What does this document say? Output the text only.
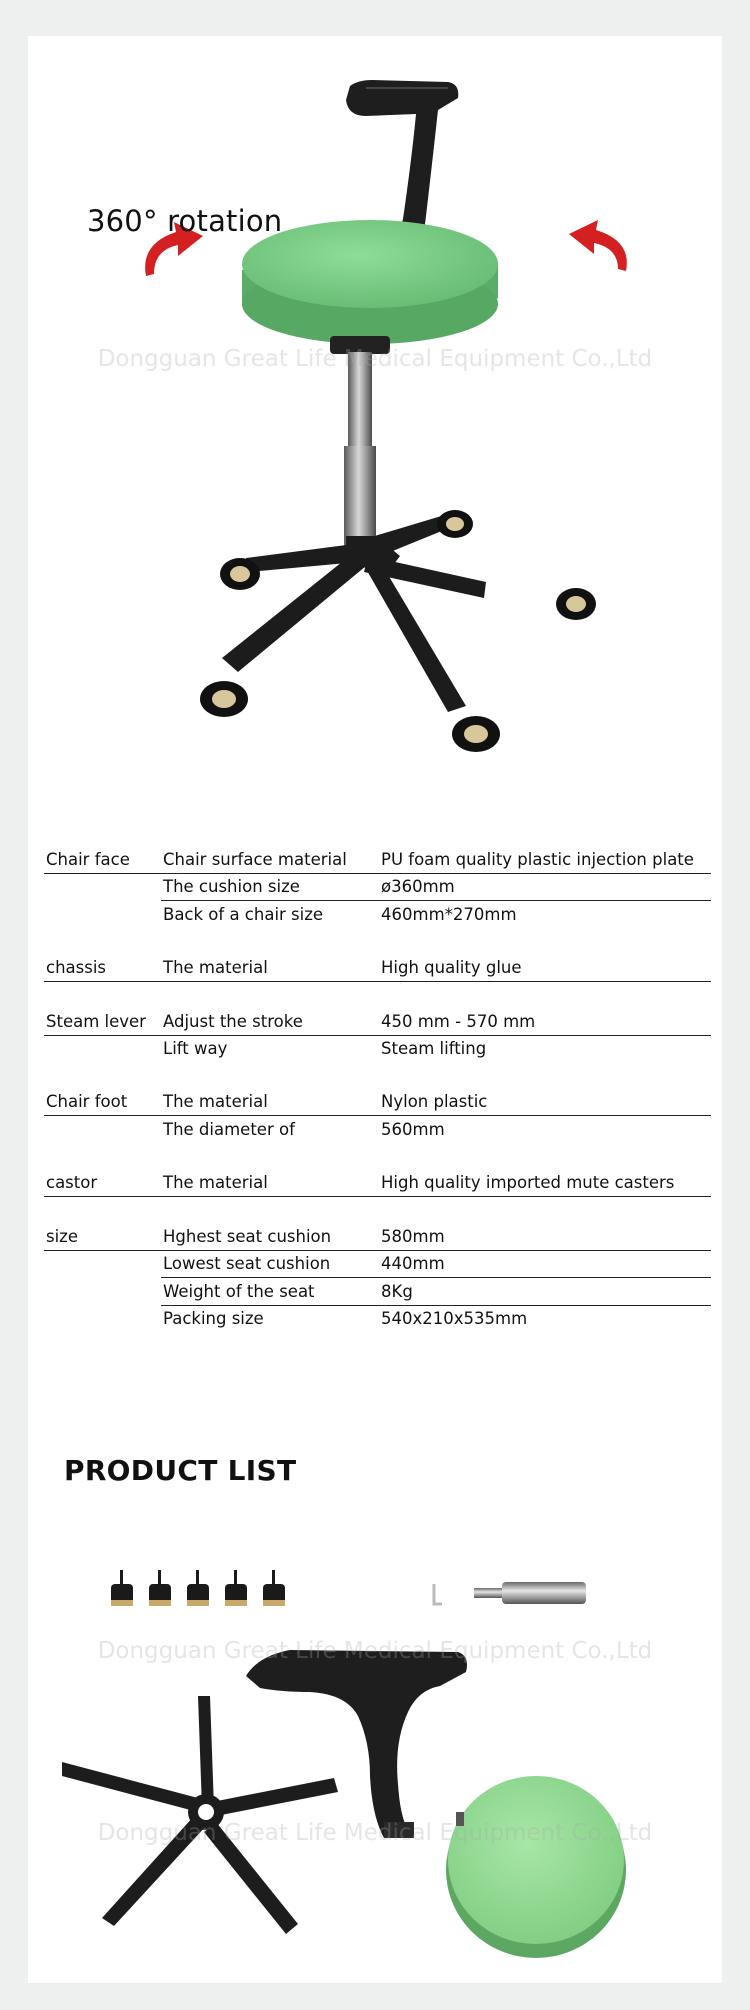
360° rotation
Dongguan Great Life Medical Equipment Co.,Ltd
Chair face	Chair surface material	PU foam quality plastic injection plate
	The cushion size	ø360mm
	Back of a chair size	460mm*270mm

chassis	The material	High quality glue

Steam lever	Adjust the stroke	450 mm - 570 mm
	Lift way	Steam lifting

Chair foot	The material	Nylon plastic
	The diameter of	560mm

castor	The material	High quality imported mute casters

size	Hghest seat cushion	580mm
	Lowest seat cushion	440mm
	Weight of the seat	8Kg
	Packing size	540x210x535mm
PRODUCT LIST
Dongguan Great Life Medical Equipment Co.,Ltd
Dongguan Great Life Medical Equipment Co.,Ltd
